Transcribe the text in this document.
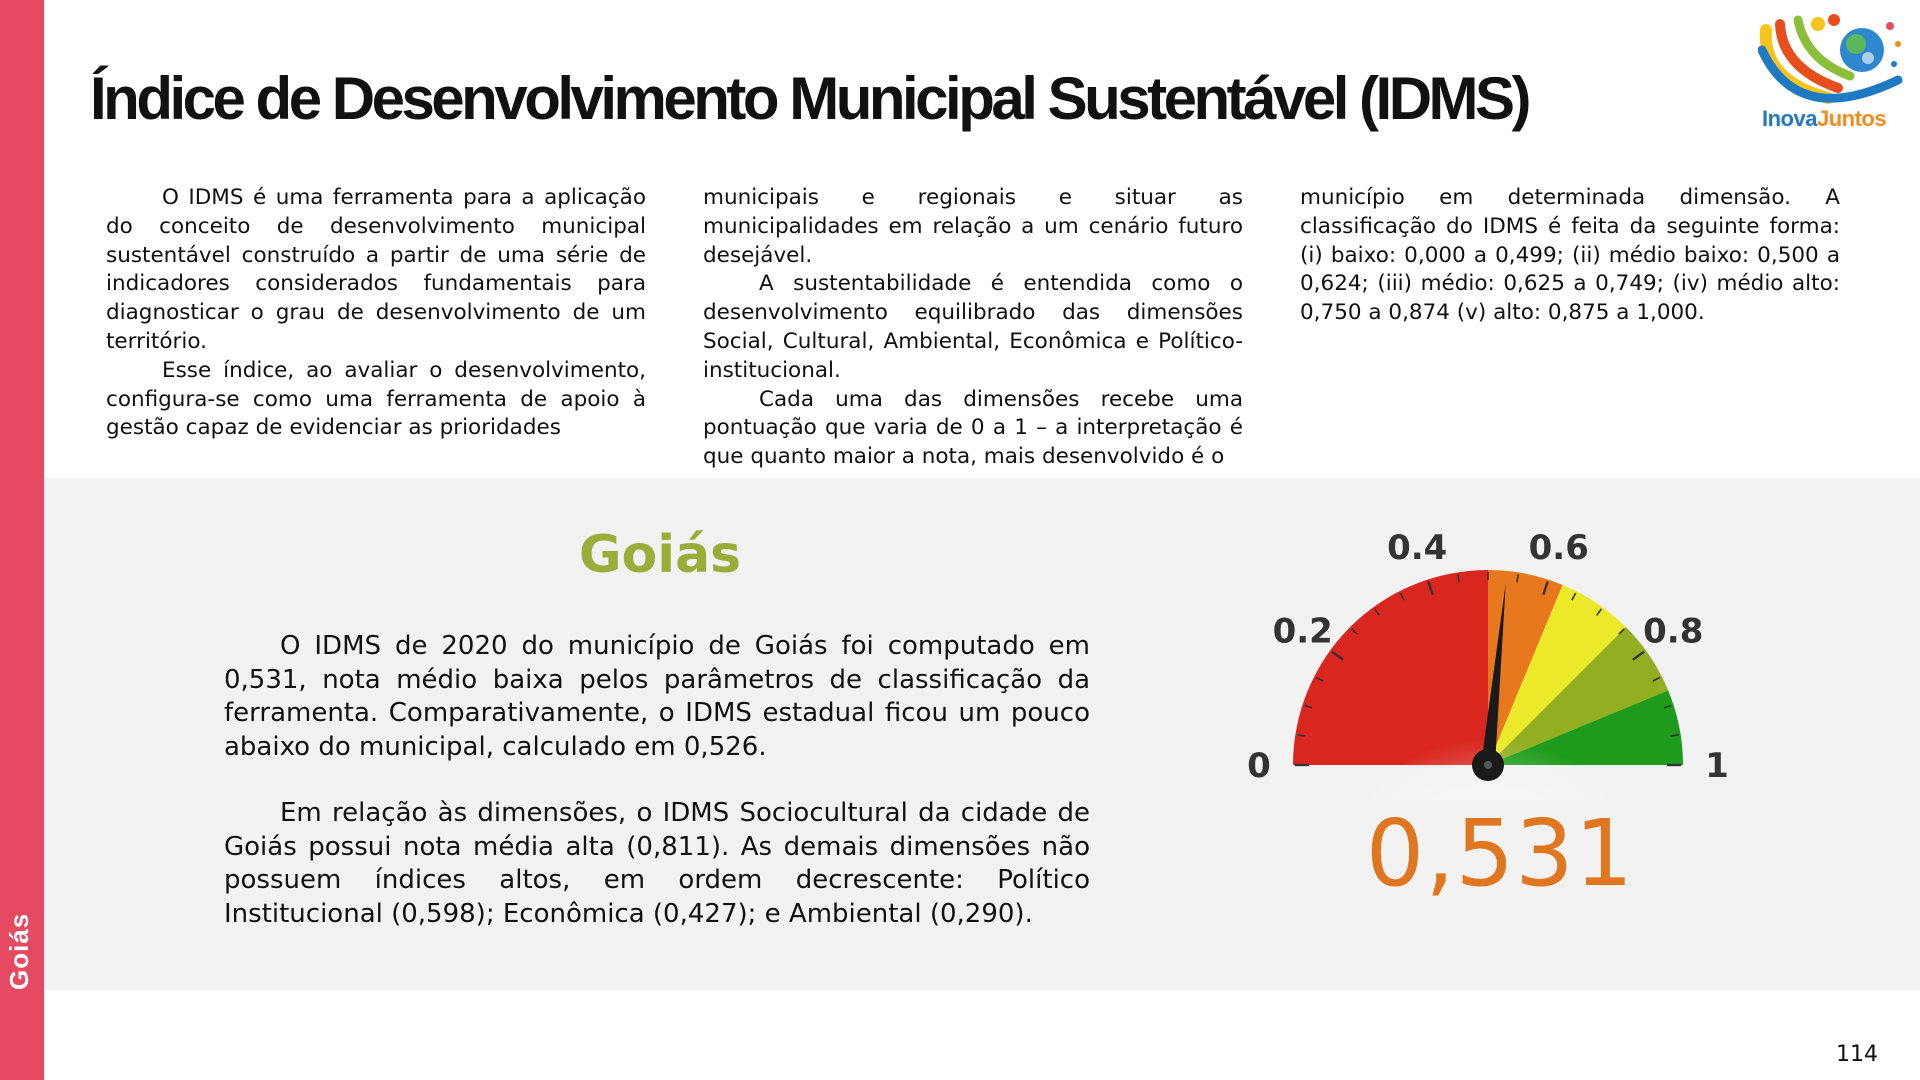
Goiás
Índice de Desenvolvimento Municipal Sustentável (IDMS)	InovaJuntos

O IDMS é uma ferramenta para a aplicação do conceito de desenvolvimento municipal sustentável construído a partir de uma série de indicadores considerados fundamentais para diagnosticar o grau de desenvolvimento de um território.

Esse índice, ao avaliar o desenvolvimento, configura-se como uma ferramenta de apoio à gestão capaz de evidenciar as prioridades

municipais e regionais e situar as municipalidades em relação a um cenário futuro desejável.

A sustentabilidade é entendida como o desenvolvimento equilibrado das dimensões Social, Cultural, Ambiental, Econômica e Político-institucional.

Cada uma das dimensões recebe uma pontuação que varia de 0 a 1 – a interpretação é que quanto maior a nota, mais desenvolvido é o

município em determinada dimensão. A classificação do IDMS é feita da seguinte forma: (i) baixo: 0,000 a 0,499; (ii) médio baixo: 0,500 a 0,624; (iii) médio: 0,625 a 0,749; (iv) médio alto: 0,750 a 0,874 (v) alto: 0,875 a 1,000.

Goiás

O IDMS de 2020 do município de Goiás foi computado em 0,531, nota médio baixa pelos parâmetros de classificação da ferramenta. Comparativamente, o IDMS estadual ficou um pouco abaixo do municipal, calculado em 0,526.

Em relação às dimensões, o IDMS Sociocultural da cidade de Goiás possui nota média alta (0,811). As demais dimensões não possuem índices altos, em ordem decrescente: Político Institucional (0,598); Econômica (0,427); e Ambiental (0,290).

0
0.2
0.4 0.6
0.8
1
0,531
114
